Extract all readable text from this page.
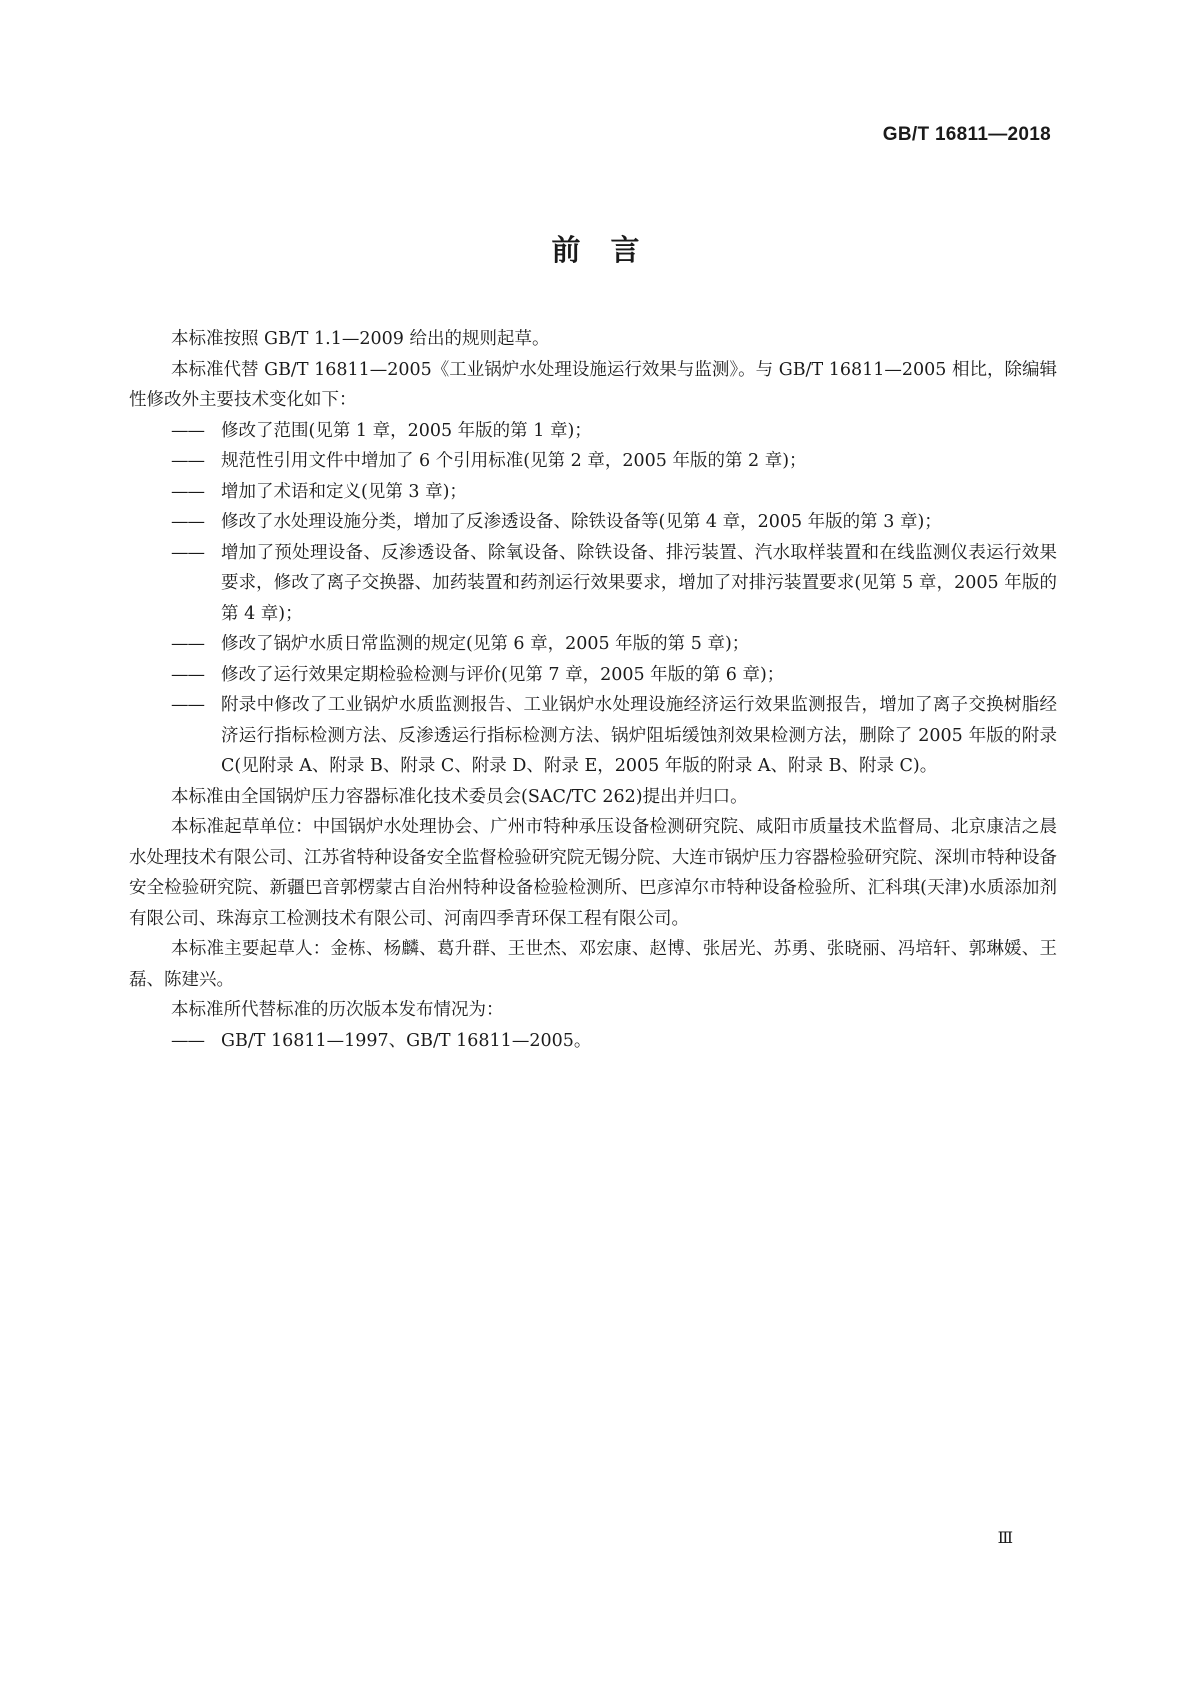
GB/T 16811—2018
前言

本标准按照 GB/T 1.1—2009 给出的规则起草。

本标准代替 GB/T 16811—2005《工业锅炉水处理设施运行效果与监测》。与 GB/T 16811—2005 相比，除编辑性修改外主要技术变化如下：

—— 修改了范围(见第 1 章，2005 年版的第 1 章)；

—— 规范性引用文件中增加了 6 个引用标准(见第 2 章，2005 年版的第 2 章)；

—— 增加了术语和定义(见第 3 章)；

—— 修改了水处理设施分类，增加了反渗透设备、除铁设备等(见第 4 章，2005 年版的第 3 章)；

—— 增加了预处理设备、反渗透设备、除氧设备、除铁设备、排污装置、汽水取样装置和在线监测仪表运行效果要求，修改了离子交换器、加药装置和药剂运行效果要求，增加了对排污装置要求(见第 5 章，2005 年版的第 4 章)；

—— 修改了锅炉水质日常监测的规定(见第 6 章，2005 年版的第 5 章)；

—— 修改了运行效果定期检验检测与评价(见第 7 章，2005 年版的第 6 章)；

—— 附录中修改了工业锅炉水质监测报告、工业锅炉水处理设施经济运行效果监测报告，增加了离子交换树脂经济运行指标检测方法、反渗透运行指标检测方法、锅炉阻垢缓蚀剂效果检测方法，删除了 2005 年版的附录 C(见附录 A、附录 B、附录 C、附录 D、附录 E，2005 年版的附录 A、附录 B、附录 C)。

本标准由全国锅炉压力容器标准化技术委员会(SAC/TC 262)提出并归口。

本标准起草单位：中国锅炉水处理协会、广州市特种承压设备检测研究院、咸阳市质量技术监督局、北京康洁之晨水处理技术有限公司、江苏省特种设备安全监督检验研究院无锡分院、大连市锅炉压力容器检验研究院、深圳市特种设备安全检验研究院、新疆巴音郭楞蒙古自治州特种设备检验检测所、巴彦淖尔市特种设备检验所、汇科琪(天津)水质添加剂有限公司、珠海京工检测技术有限公司、河南四季青环保工程有限公司。

本标准主要起草人：金栋、杨麟、葛升群、王世杰、邓宏康、赵博、张居光、苏勇、张晓丽、冯培轩、郭琳媛、王磊、陈建兴。

本标准所代替标准的历次版本发布情况为：

—— GB/T 16811—1997、GB/T 16811—2005。

Ⅲ
